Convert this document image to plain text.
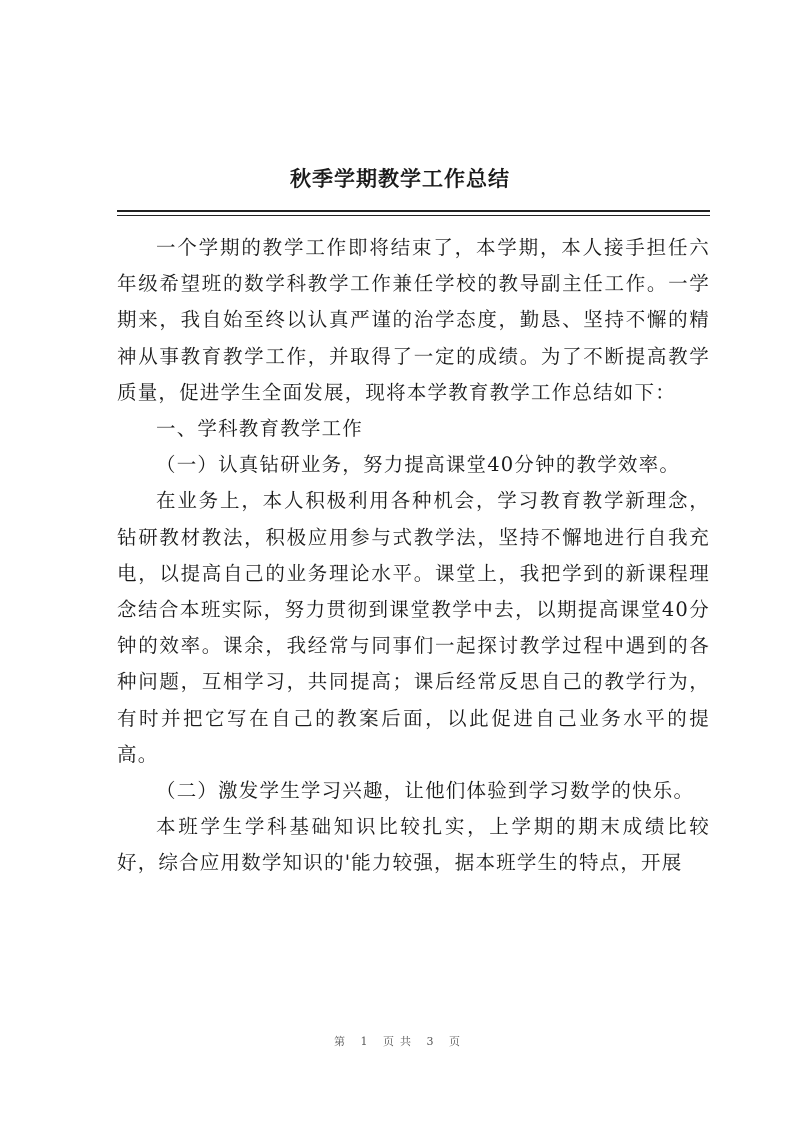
秋季学期教学工作总结

一个学期的教学工作即将结束了，本学期，本人接手担任六年级希望班的数学科教学工作兼任学校的教导副主任工作。一学期来，我自始至终以认真严谨的治学态度，勤恳、坚持不懈的精神从事教育教学工作，并取得了一定的成绩。为了不断提高教学质量，促进学生全面发展，现将本学教育教学工作总结如下：

一、学科教育教学工作

（一）认真钻研业务，努力提高课堂40分钟的教学效率。

在业务上，本人积极利用各种机会，学习教育教学新理念，钻研教材教法，积极应用参与式教学法，坚持不懈地进行自我充电，以提高自己的业务理论水平。课堂上，我把学到的新课程理念结合本班实际，努力贯彻到课堂教学中去，以期提高课堂40分钟的效率。课余，我经常与同事们一起探讨教学过程中遇到的各种问题，互相学习，共同提高；课后经常反思自己的教学行为，有时并把它写在自己的教案后面，以此促进自己业务水平的提高。

（二）激发学生学习兴趣，让他们体验到学习数学的快乐。

本班学生学科基础知识比较扎实，上学期的期末成绩比较好，综合应用数学知识的'能力较强，据本班学生的特点，开展

第 1 页共 3 页
